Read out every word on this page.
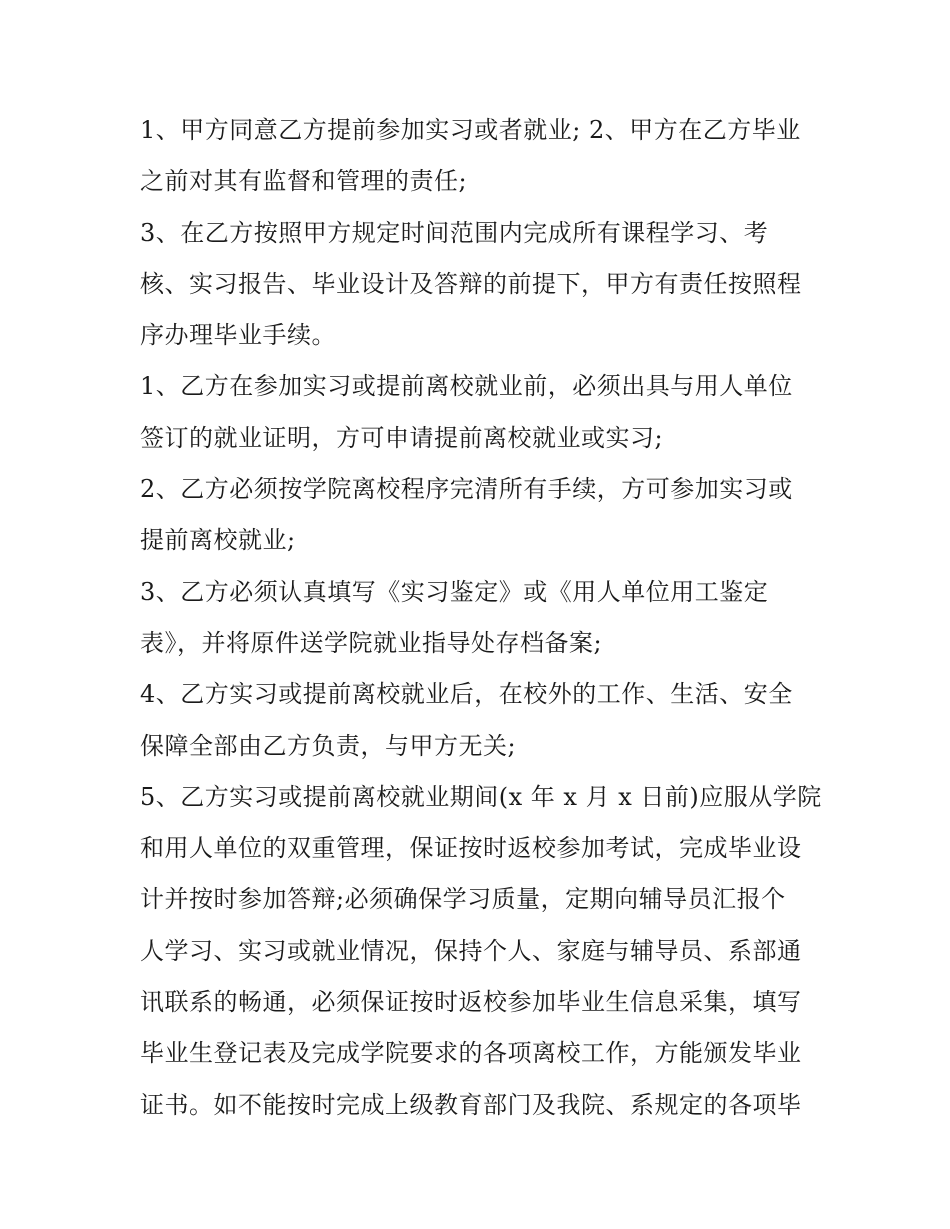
1、甲方同意乙方提前参加实习或者就业; 2、甲方在乙方毕业
之前对其有监督和管理的责任;

3、在乙方按照甲方规定时间范围内完成所有课程学习、考
核、实习报告、毕业设计及答辩的前提下，甲方有责任按照程
序办理毕业手续。

1、乙方在参加实习或提前离校就业前，必须出具与用人单位
签订的就业证明，方可申请提前离校就业或实习;

2、乙方必须按学院离校程序完清所有手续，方可参加实习或
提前离校就业;

3、乙方必须认真填写《实习鉴定》或《用人单位用工鉴定
表》，并将原件送学院就业指导处存档备案;

4、乙方实习或提前离校就业后，在校外的工作、生活、安全
保障全部由乙方负责，与甲方无关;

5、乙方实习或提前离校就业期间(x 年 x 月 x 日前)应服从学院
和用人单位的双重管理，保证按时返校参加考试，完成毕业设
计并按时参加答辩;必须确保学习质量，定期向辅导员汇报个
人学习、实习或就业情况，保持个人、家庭与辅导员、系部通
讯联系的畅通，必须保证按时返校参加毕业生信息采集，填写
毕业生登记表及完成学院要求的各项离校工作，方能颁发毕业
证书。如不能按时完成上级教育部门及我院、系规定的各项毕
